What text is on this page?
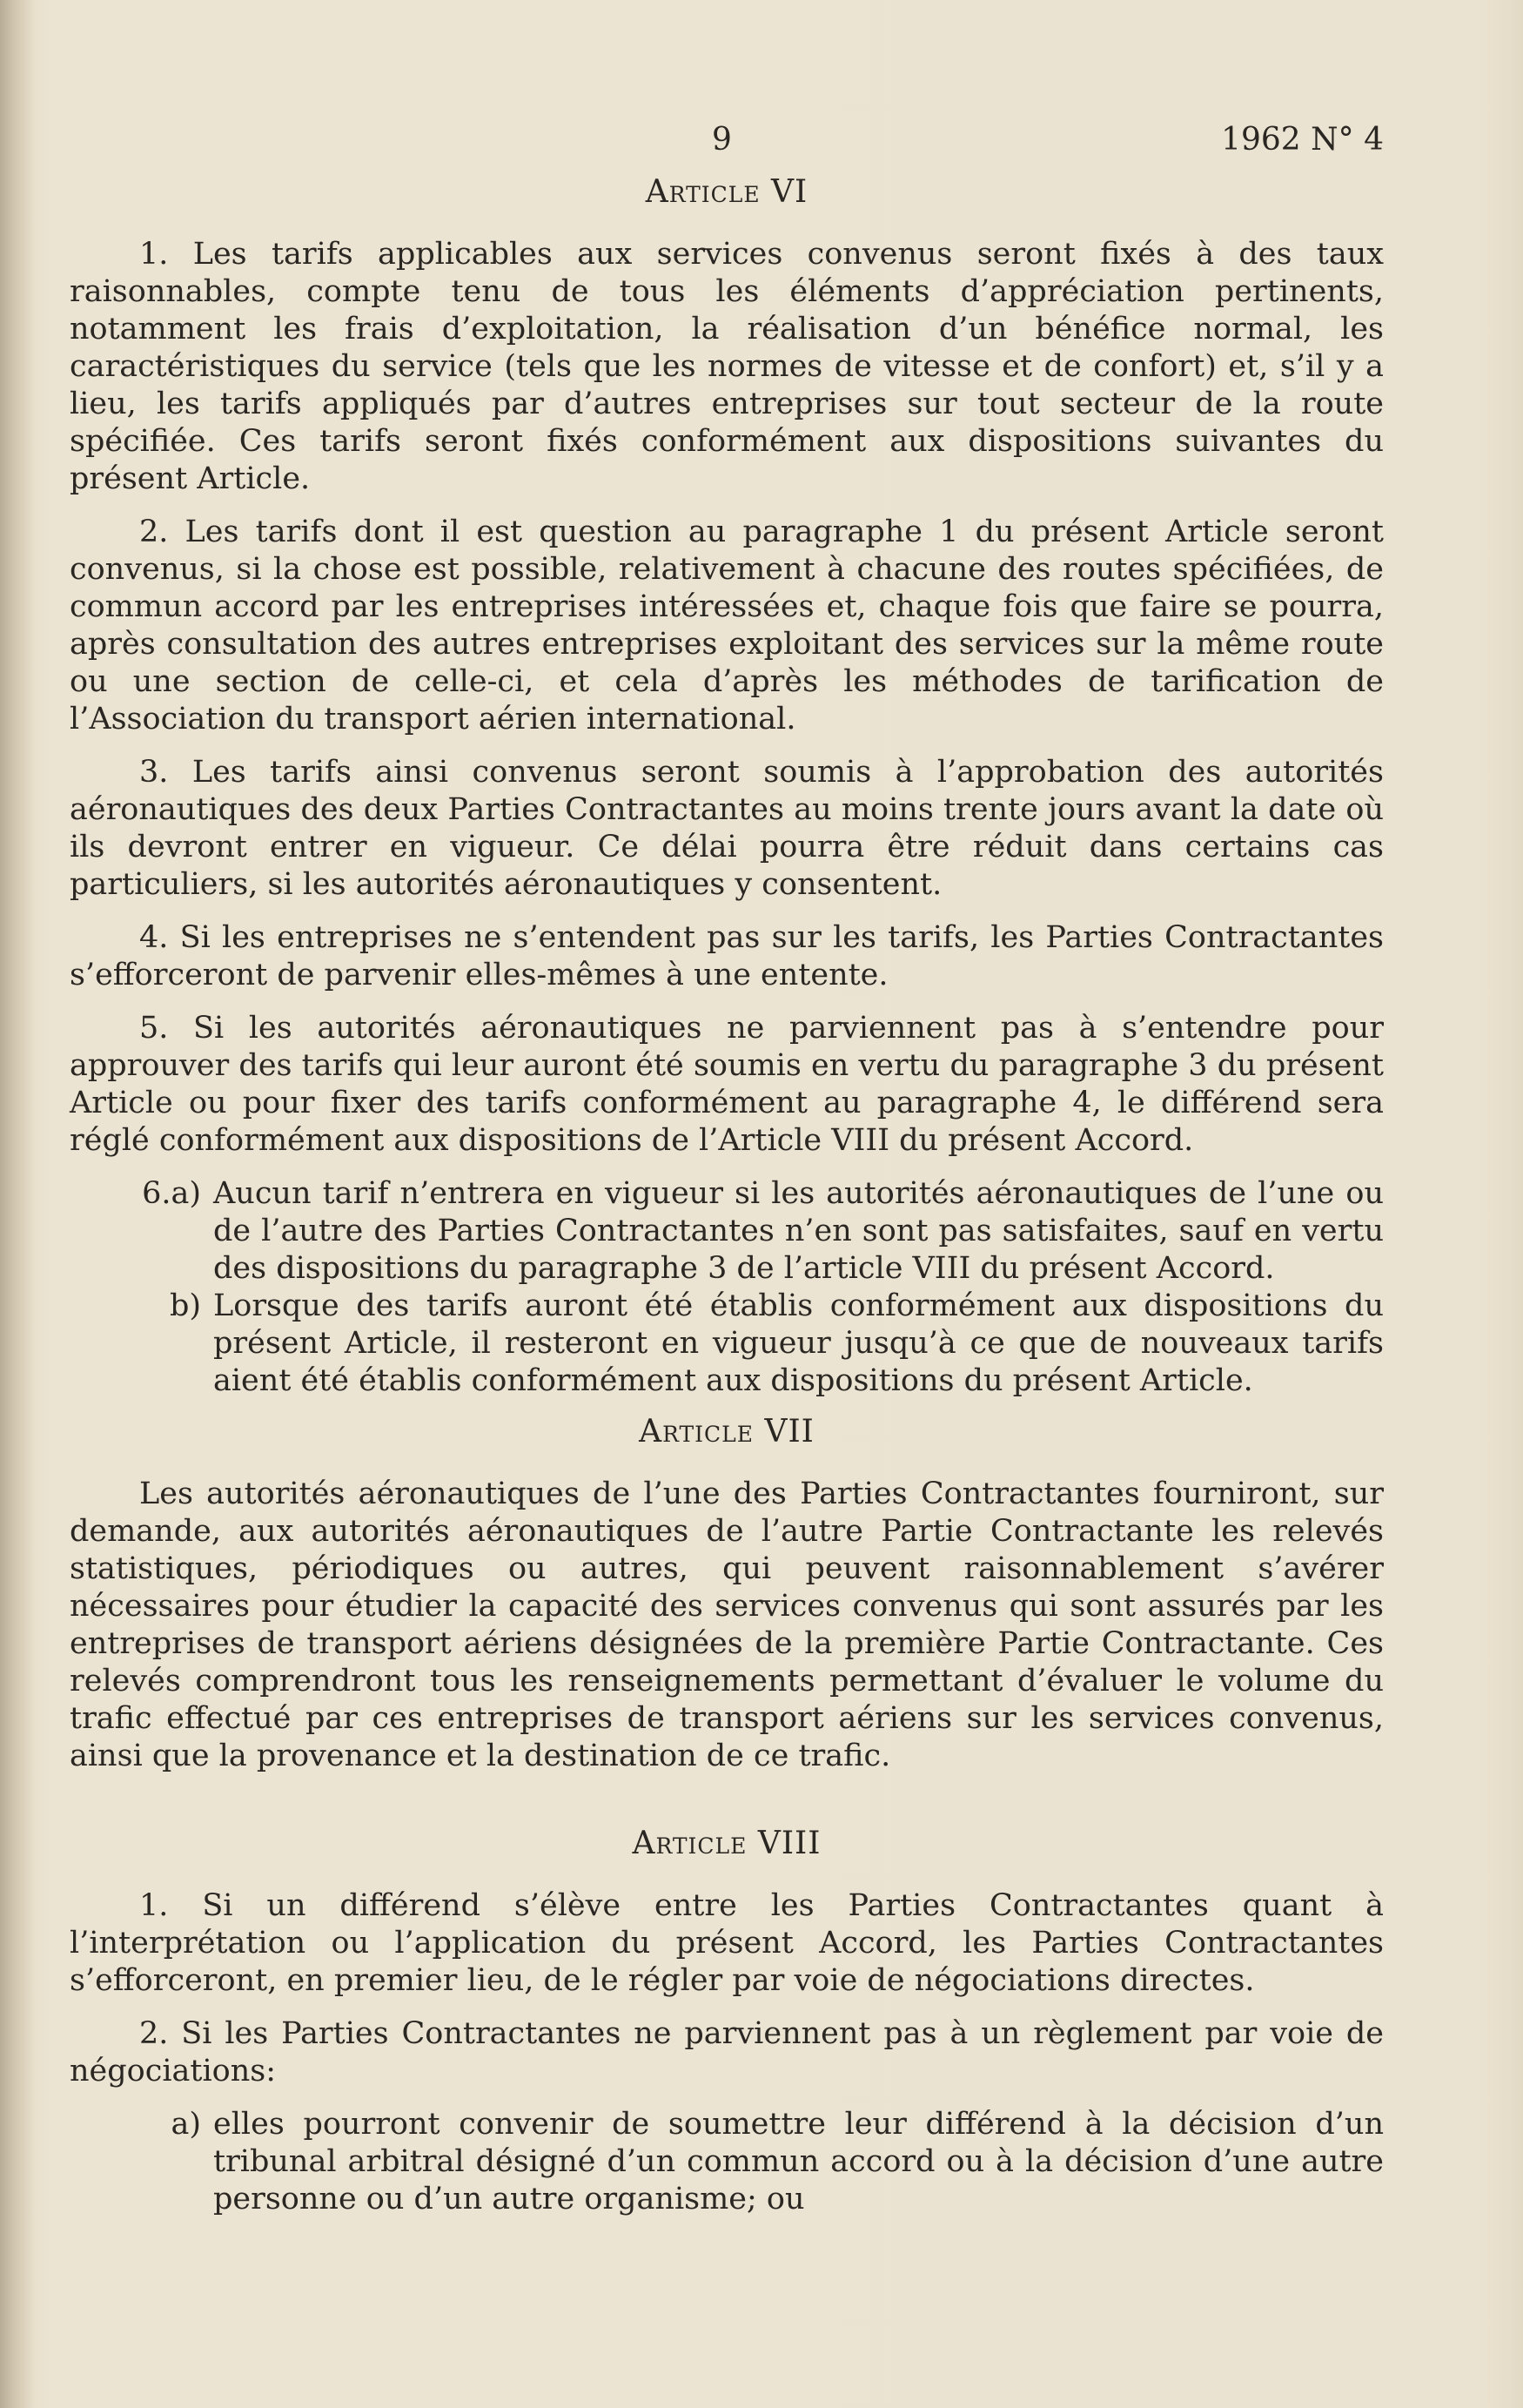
9	1962 N° 4
Article VI

1. Les tarifs applicables aux services convenus seront fixés à des taux raisonnables, compte tenu de tous les éléments d’appréciation pertinents, notamment les frais d’exploitation, la réalisation d’un bénéfice normal, les caractéristiques du service (tels que les normes de vitesse et de confort) et, s’il y a lieu, les tarifs appliqués par d’autres entreprises sur tout secteur de la route spécifiée. Ces tarifs seront fixés conformément aux dispositions suivantes du présent Article.

2. Les tarifs dont il est question au paragraphe 1 du présent Article seront convenus, si la chose est possible, relativement à chacune des routes spécifiées, de commun accord par les entreprises intéressées et, chaque fois que faire se pourra, après consultation des autres entreprises exploitant des services sur la même route ou une section de celle-ci, et cela d’après les méthodes de tarification de l’Association du transport aérien international.

3. Les tarifs ainsi convenus seront soumis à l’approbation des autorités aéronautiques des deux Parties Contractantes au moins trente jours avant la date où ils devront entrer en vigueur. Ce délai pourra être réduit dans certains cas particuliers, si les autorités aéronautiques y consentent.

4. Si les entreprises ne s’entendent pas sur les tarifs, les Parties Contractantes s’efforceront de parvenir elles-mêmes à une entente.

5. Si les autorités aéronautiques ne parviennent pas à s’entendre pour approuver des tarifs qui leur auront été soumis en vertu du paragraphe 3 du présent Article ou pour fixer des tarifs conformément au paragraphe 4, le différend sera réglé conformément aux dispositions de l’Article VIII du présent Accord.

6.a) Aucun tarif n’entrera en vigueur si les autorités aéronautiques de l’une ou de l’autre des Parties Contractantes n’en sont pas satisfaites, sauf en vertu des dispositions du paragraphe 3 de l’article VIII du présent Accord.
b) Lorsque des tarifs auront été établis conformément aux dispositions du présent Article, il resteront en vigueur jusqu’à ce que de nouveaux tarifs aient été établis conformément aux dispositions du présent Article.
Article VII

Les autorités aéronautiques de l’une des Parties Contractantes fourniront, sur demande, aux autorités aéronautiques de l’autre Partie Contractante les relevés statistiques, périodiques ou autres, qui peuvent raisonnablement s’avérer nécessaires pour étudier la capacité des services convenus qui sont assurés par les entreprises de transport aériens désignées de la première Partie Contractante. Ces relevés comprendront tous les renseignements permettant d’évaluer le volume du trafic effectué par ces entreprises de transport aériens sur les services convenus, ainsi que la provenance et la destination de ce trafic.

Article VIII

1. Si un différend s’élève entre les Parties Contractantes quant à l’interprétation ou l’application du présent Accord, les Parties Contractantes s’efforceront, en premier lieu, de le régler par voie de négociations directes.

2. Si les Parties Contractantes ne parviennent pas à un règlement par voie de négociations:

a) elles pourront convenir de soumettre leur différend à la décision d’un tribunal arbitral désigné d’un commun accord ou à la décision d’une autre personne ou d’un autre organisme; ou
